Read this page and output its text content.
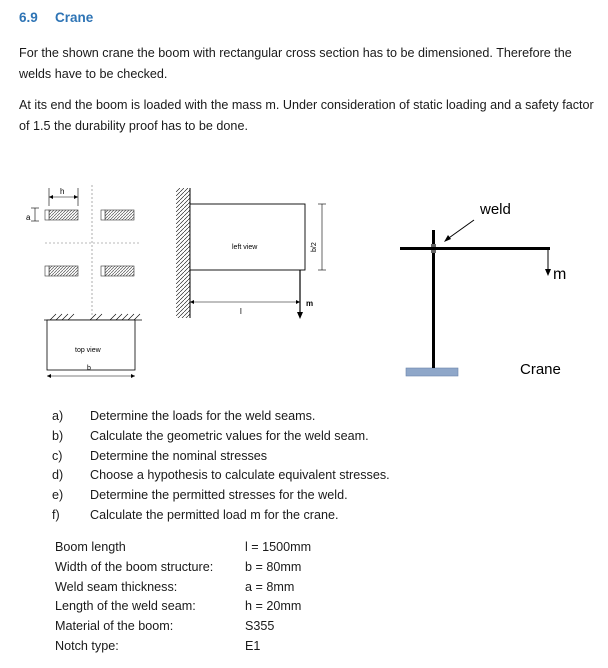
6.9 Crane
For the shown crane the boom with rectangular cross section has to be dimensioned. Therefore the welds have to be checked.
At its end the boom is loaded with the mass m. Under consideration of static loading and a safety factor of 1.5 the durability proof has to be done.
h
a
top view
b
left view	b/2
l
m
m
weld
Crane
a) Determine the loads for the weld seams.
b) Calculate the geometric values for the weld seam.
c) Determine the nominal stresses
d) Choose a hypothesis to calculate equivalent stresses.
e) Determine the permitted stresses for the weld.
f) Calculate the permitted load m for the crane.
Boom length	l = 1500mm
Width of the boom structure:	b = 80mm
Weld seam thickness:	a = 8mm
Length of the weld seam:	h = 20mm
Material of the boom:	S355
Notch type:	E1
